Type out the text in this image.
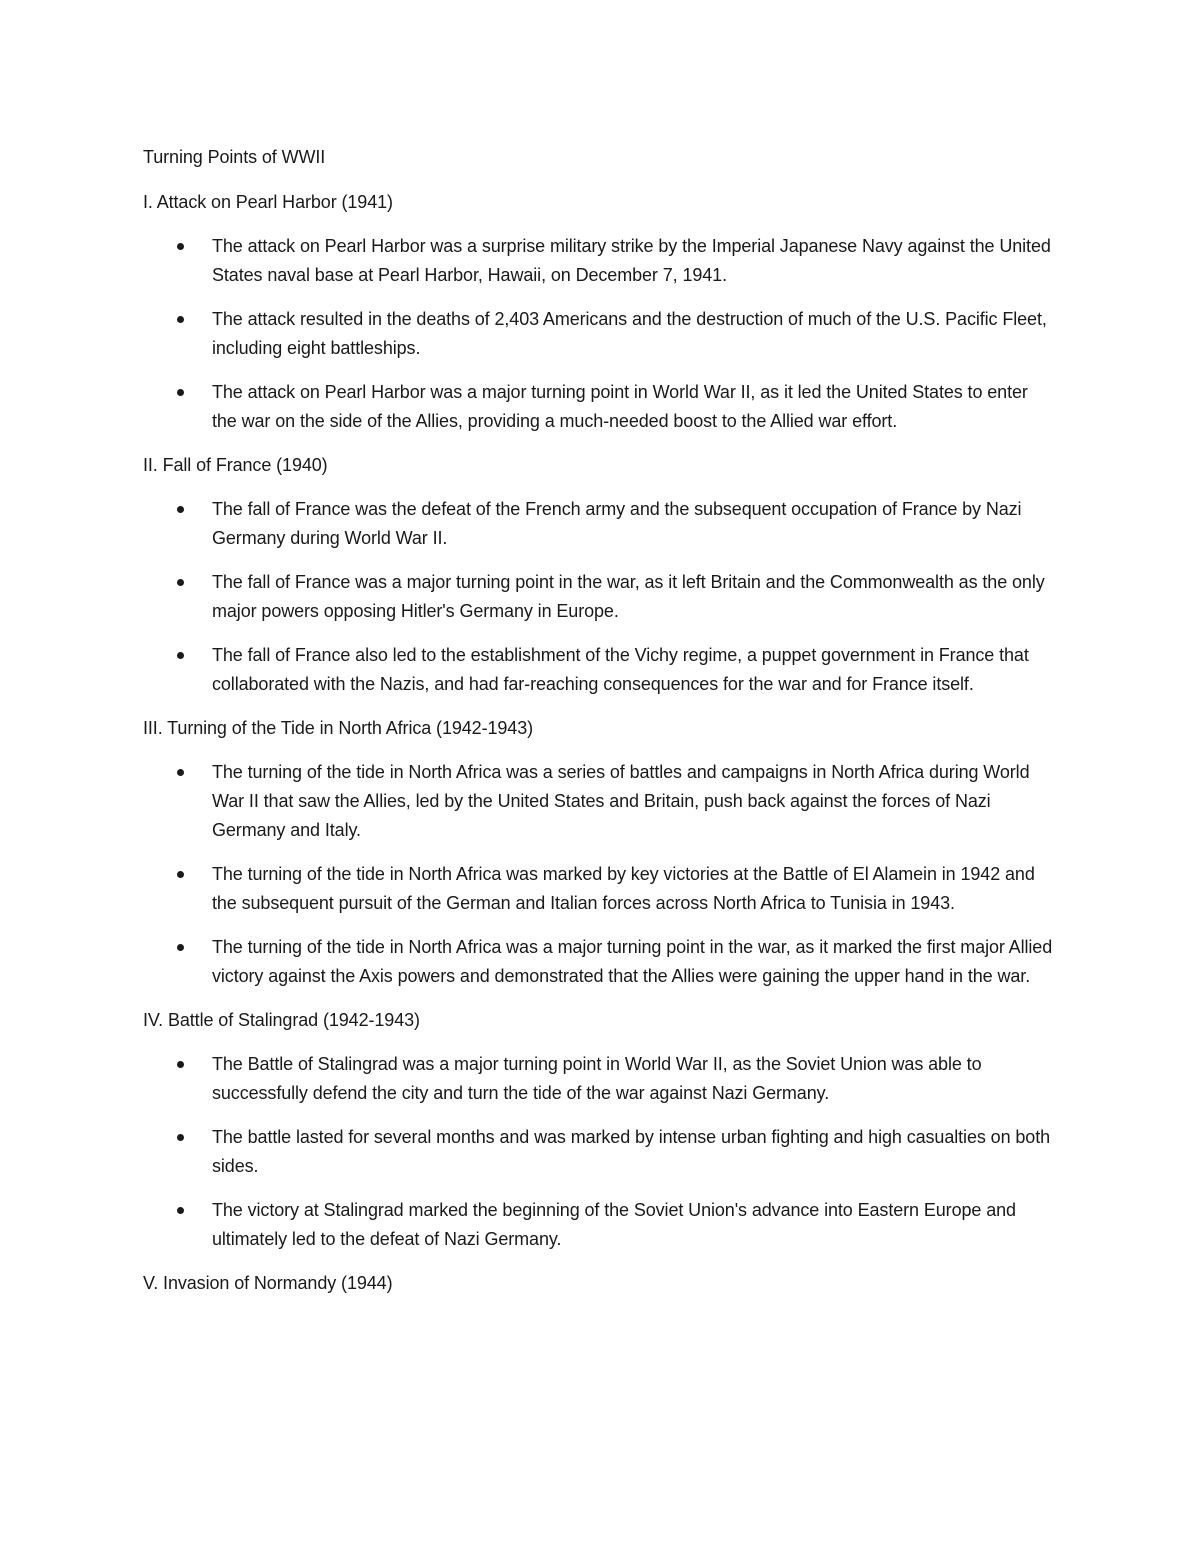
Turning Points of WWII

I. Attack on Pearl Harbor (1941)

The attack on Pearl Harbor was a surprise military strike by the Imperial Japanese Navy against the United States naval base at Pearl Harbor, Hawaii, on December 7, 1941.
The attack resulted in the deaths of 2,403 Americans and the destruction of much of the U.S. Pacific Fleet, including eight battleships.
The attack on Pearl Harbor was a major turning point in World War II, as it led the United States to enter the war on the side of the Allies, providing a much-needed boost to the Allied war effort.

II. Fall of France (1940)

The fall of France was the defeat of the French army and the subsequent occupation of France by Nazi Germany during World War II.
The fall of France was a major turning point in the war, as it left Britain and the Commonwealth as the only major powers opposing Hitler's Germany in Europe.
The fall of France also led to the establishment of the Vichy regime, a puppet government in France that collaborated with the Nazis, and had far-reaching consequences for the war and for France itself.

III. Turning of the Tide in North Africa (1942-1943)

The turning of the tide in North Africa was a series of battles and campaigns in North Africa during World War II that saw the Allies, led by the United States and Britain, push back against the forces of Nazi Germany and Italy.
The turning of the tide in North Africa was marked by key victories at the Battle of El Alamein in 1942 and the subsequent pursuit of the German and Italian forces across North Africa to Tunisia in 1943.
The turning of the tide in North Africa was a major turning point in the war, as it marked the first major Allied victory against the Axis powers and demonstrated that the Allies were gaining the upper hand in the war.

IV. Battle of Stalingrad (1942-1943)

The Battle of Stalingrad was a major turning point in World War II, as the Soviet Union was able to successfully defend the city and turn the tide of the war against Nazi Germany.
The battle lasted for several months and was marked by intense urban fighting and high casualties on both sides.
The victory at Stalingrad marked the beginning of the Soviet Union's advance into Eastern Europe and ultimately led to the defeat of Nazi Germany.

V. Invasion of Normandy (1944)
